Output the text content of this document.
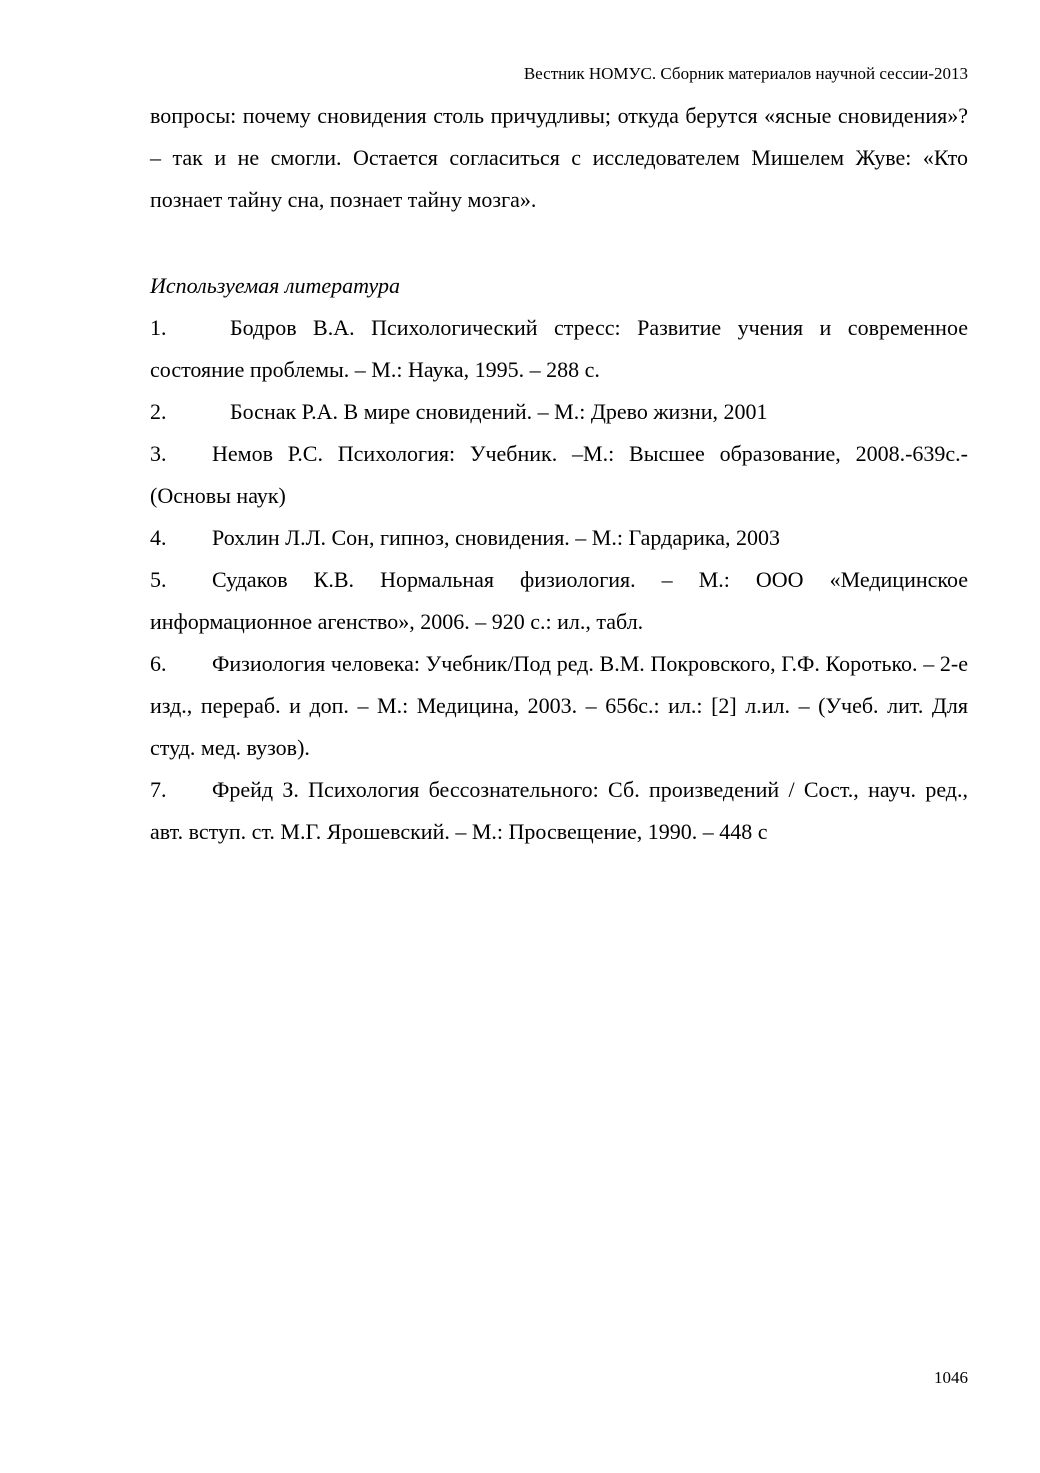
Вестник НОМУС. Сборник материалов научной сессии-2013

вопросы: почему сновидения столь причудливы; откуда берутся «ясные сновидения»? – так и не смогли. Остается согласиться с исследователем Мишелем Жуве: «Кто познает тайну сна, познает тайну мозга».

Используемая литература

1.	Бодров В.А. Психологический стресс: Развитие учения и современное состояние проблемы. – М.: Наука, 1995. – 288 с.
2.	Боснак Р.А. В мире сновидений. – М.: Древо жизни, 2001
3. Немов Р.С. Психология: Учебник. –М.: Высшее образование, 2008.-639с.-(Основы наук)
4. Рохлин Л.Л. Сон, гипноз, сновидения. – М.: Гардарика, 2003
5. Судаков К.В. Нормальная физиология. – М.: ООО «Медицинское информационное агенство», 2006. – 920 с.: ил., табл.
6. Физиология человека: Учебник/Под ред. В.М. Покровского, Г.Ф. Коротько. – 2-е изд., перераб. и доп. – М.: Медицина, 2003. – 656с.: ил.: [2] л.ил. – (Учеб. лит. Для студ. мед. вузов).
7. Фрейд З. Психология бессознательного: Сб. произведений / Сост., науч. ред., авт. вступ. ст. М.Г. Ярошевский. – М.: Просвещение, 1990. – 448 с
1046
